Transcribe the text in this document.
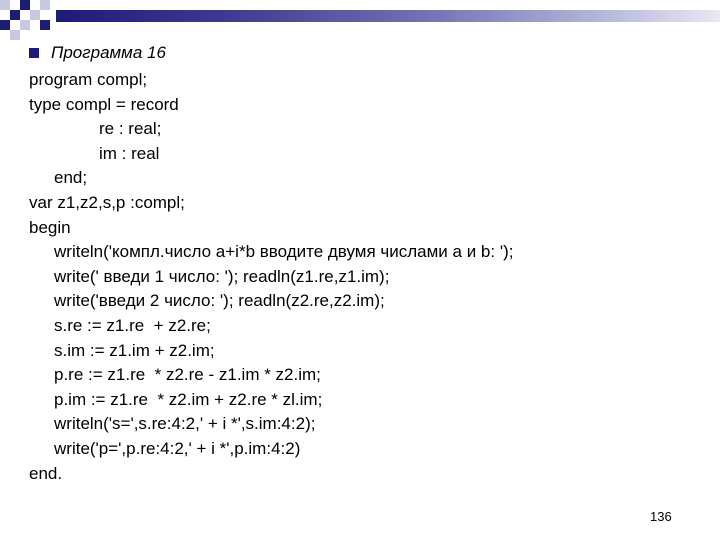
Программа 16
program compl;
type compl = record
re : real;
im : real
end;
var z1,z2,s,p :compl;
begin
writeln('компл.число a+i*b вводите двумя числами a и b: ');
write(' введи 1 число: '); readln(z1.re,z1.im);
write('введи 2 число: '); readln(z2.re,z2.im);
s.re := z1.re  + z2.re;
s.im := z1.im + z2.im;
p.re := z1.re  * z2.re - z1.im * z2.im;
p.im := z1.re  * z2.im + z2.re * zl.im;
writeln('s=',s.re:4:2,' + i *',s.im:4:2);
write('p=',p.re:4:2,' + i *',p.im:4:2)
end.
136
